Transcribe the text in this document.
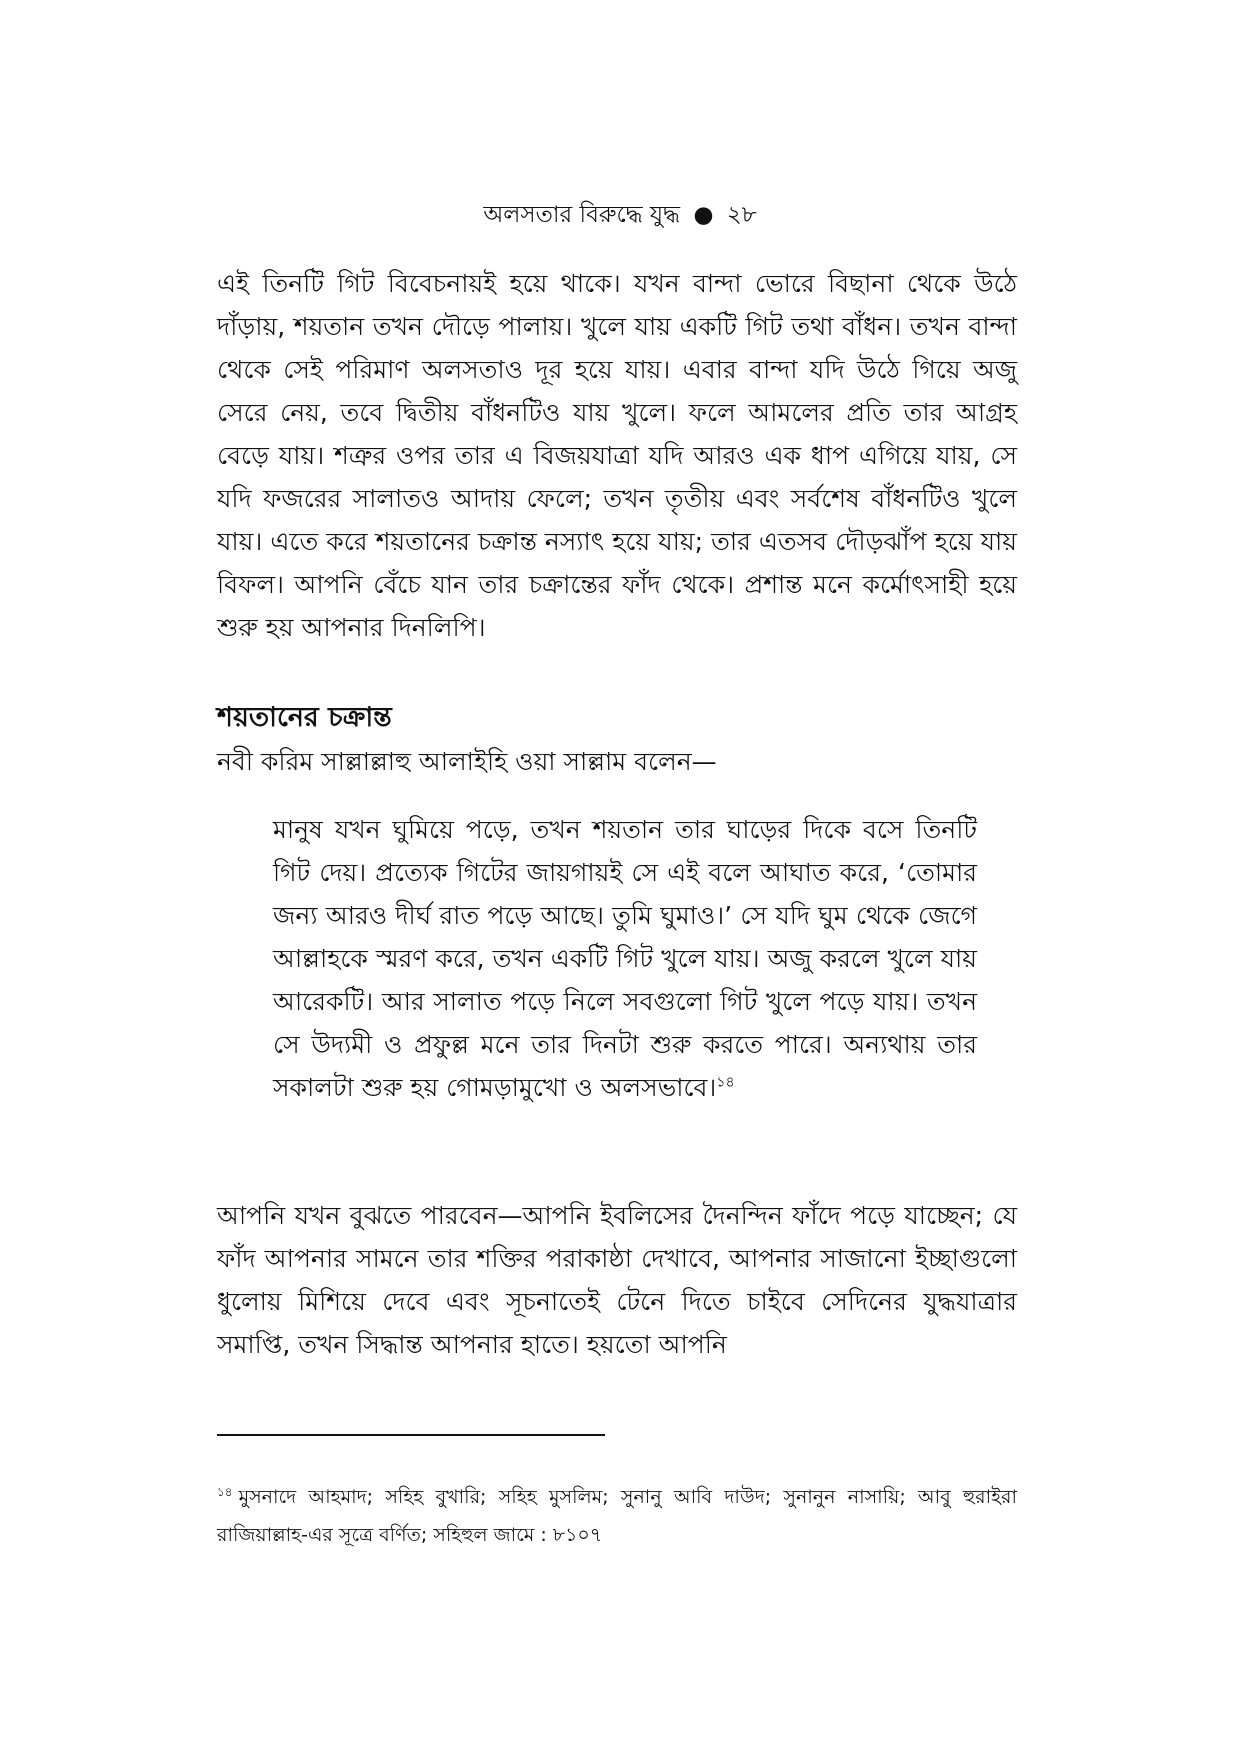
অলসতার বিরুদ্ধে যুদ্ধ ● ২৮
এই তিনটি গিট বিবেচনায়ই হয়ে থাকে। যখন বান্দা ভোরে বিছানা থেকে উঠে দাঁড়ায়, শয়তান তখন দৌড়ে পালায়। খুলে যায় একটি গিট তথা বাঁধন। তখন বান্দা থেকে সেই পরিমাণ অলসতাও দূর হয়ে যায়। এবার বান্দা যদি উঠে গিয়ে অজু সেরে নেয়, তবে দ্বিতীয় বাঁধনটিও যায় খুলে। ফলে আমলের প্রতি তার আগ্রহ বেড়ে যায়। শত্রুর ওপর তার এ বিজয়যাত্রা যদি আরও এক ধাপ এগিয়ে যায়, সে যদি ফজরের সালাতও আদায় ফেলে; তখন তৃতীয় এবং সর্বশেষ বাঁধনটিও খুলে যায়। এতে করে শয়তানের চক্রান্ত নস্যাৎ হয়ে যায়; তার এতসব দৌড়ঝাঁপ হয়ে যায় বিফল। আপনি বেঁচে যান তার চক্রান্তের ফাঁদ থেকে। প্রশান্ত মনে কর্মোৎসাহী হয়ে শুরু হয় আপনার দিনলিপি।
শয়তানের চক্রান্ত
নবী করিম সাল্লাল্লাহু আলাইহি ওয়া সাল্লাম বলেন—
মানুষ যখন ঘুমিয়ে পড়ে, তখন শয়তান তার ঘাড়ের দিকে বসে তিনটি গিট দেয়। প্রত্যেক গিটের জায়গায়ই সে এই বলে আঘাত করে, ‘তোমার জন্য আরও দীর্ঘ রাত পড়ে আছে। তুমি ঘুমাও।’ সে যদি ঘুম থেকে জেগে আল্লাহকে স্মরণ করে, তখন একটি গিট খুলে যায়। অজু করলে খুলে যায় আরেকটি। আর সালাত পড়ে নিলে সবগুলো গিট খুলে পড়ে যায়। তখন সে উদ্যমী ও প্রফুল্ল মনে তার দিনটা শুরু করতে পারে। অন্যথায় তার সকালটা শুরু হয় গোমড়ামুখো ও অলসভাবে।$^{১৪}$
আপনি যখন বুঝতে পারবেন—আপনি ইবলিসের দৈনন্দিন ফাঁদে পড়ে যাচ্ছেন; যে ফাঁদ আপনার সামনে তার শক্তির পরাকাষ্ঠা দেখাবে, আপনার সাজানো ইচ্ছাগুলো ধুলোয় মিশিয়ে দেবে এবং সূচনাতেই টেনে দিতে চাইবে সেদিনের যুদ্ধযাত্রার সমাপ্তি, তখন সিদ্ধান্ত আপনার হাতে। হয়তো আপনি
$^{১৪}$ মুসনাদে আহমাদ; সহিহ বুখারি; সহিহ মুসলিম; সুনানু আবি দাউদ; সুনানুন নাসায়ি; আবু হুরাইরা রাজিয়াল্লাহ-এর সূত্রে বর্ণিত; সহিহুল জামে : ৮১০৭
